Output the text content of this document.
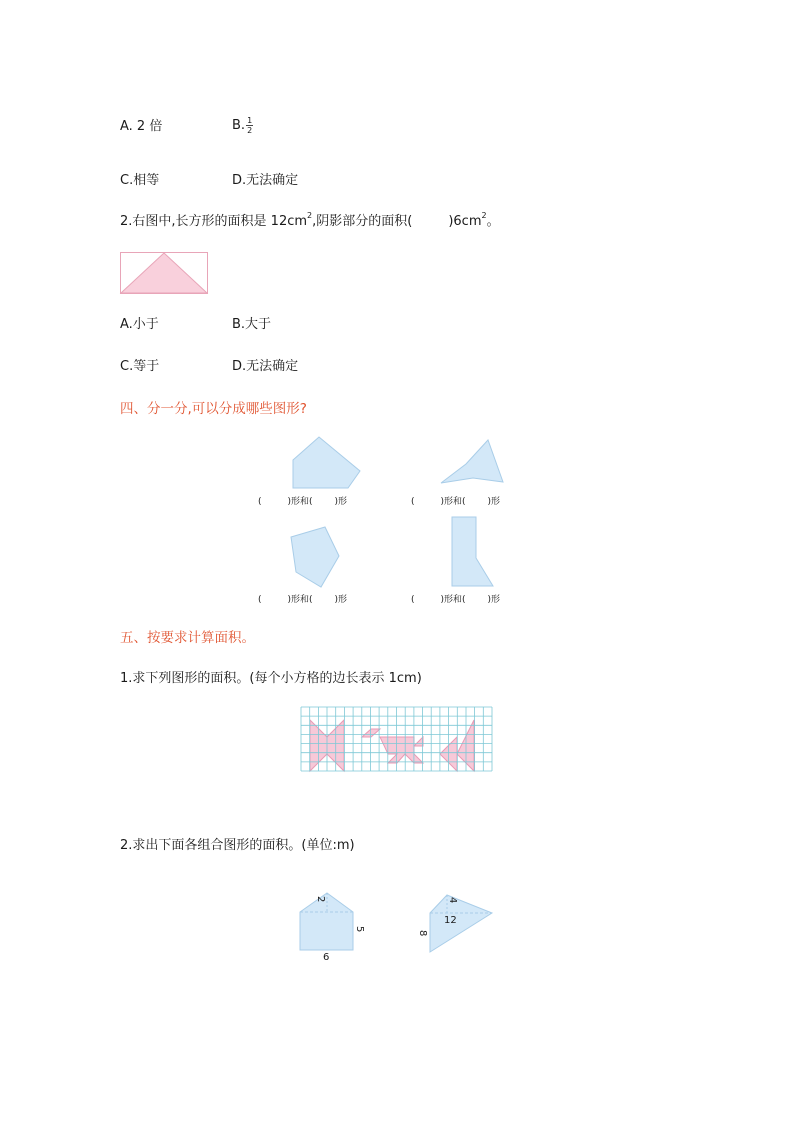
A. 2 倍	B. $\frac{1}{2}$
C.相等	D.无法确定
2.右图中,长方形的面积是 $12cm^2$,阴影部分的面积(	)$6cm^2$。
A.小于	B.大于
C.等于	D.无法确定
四、分一分,可以分成哪些图形?
(	)形和( )形	(	)形和( )形
(	)形和( )形	(	)形和( )形
五、按要求计算面积。
1.求下列图形的面积。(每个小方格的边长表示 1cm)
2.求出下面各组合图形的面积。(单位:m)
2
5
6
4
12
8
